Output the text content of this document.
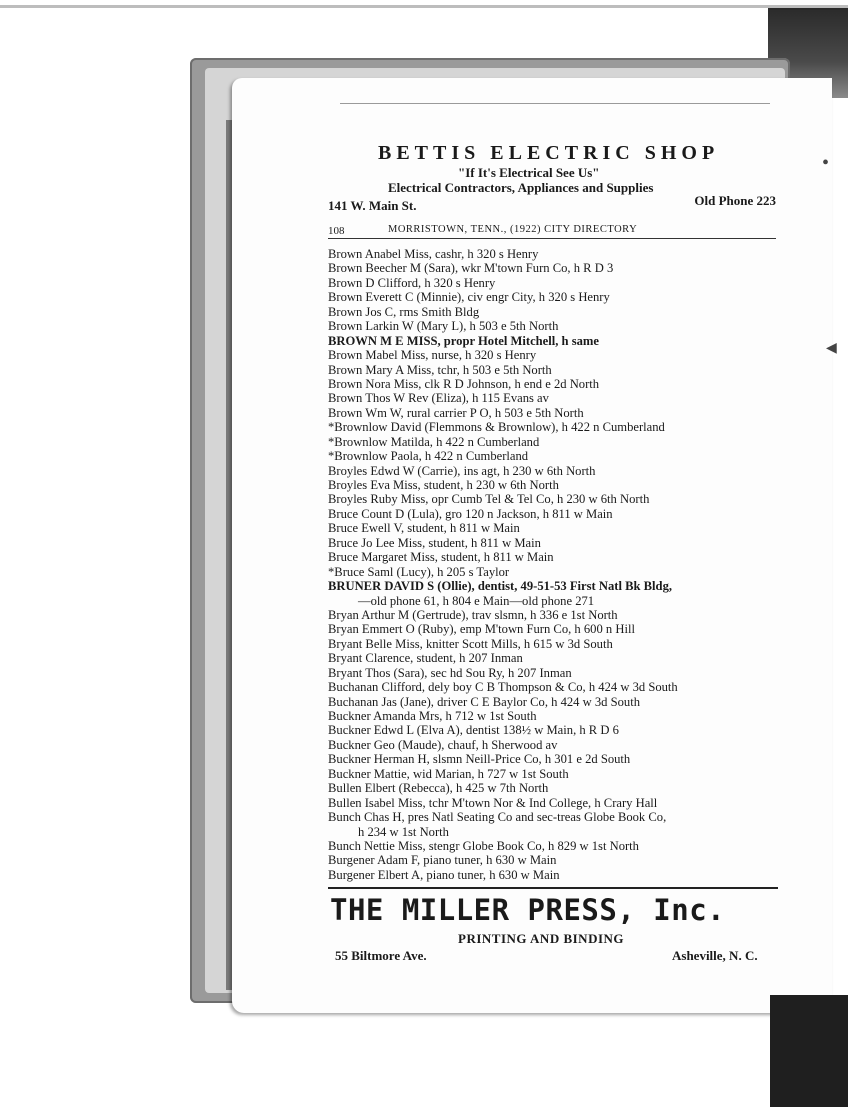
•
◀
BETTIS ELECTRIC SHOP
"If It's Electrical See Us"
Electrical Contractors, Appliances and Supplies
141 W. Main St.	Old Phone 223
108	MORRISTOWN, TENN., (1922) CITY DIRECTORY
Brown Anabel Miss, cashr, h 320 s Henry
Brown Beecher M (Sara), wkr M'town Furn Co, h R D 3
Brown D Clifford, h 320 s Henry
Brown Everett C (Minnie), civ engr City, h 320 s Henry
Brown Jos C, rms Smith Bldg
Brown Larkin W (Mary L), h 503 e 5th North
BROWN M E MISS, propr Hotel Mitchell, h same
Brown Mabel Miss, nurse, h 320 s Henry
Brown Mary A Miss, tchr, h 503 e 5th North
Brown Nora Miss, clk R D Johnson, h end e 2d North
Brown Thos W Rev (Eliza), h 115 Evans av
Brown Wm W, rural carrier P O, h 503 e 5th North
*Brownlow David (Flemmons & Brownlow), h 422 n Cumberland
*Brownlow Matilda, h 422 n Cumberland
*Brownlow Paola, h 422 n Cumberland
Broyles Edwd W (Carrie), ins agt, h 230 w 6th North
Broyles Eva Miss, student, h 230 w 6th North
Broyles Ruby Miss, opr Cumb Tel & Tel Co, h 230 w 6th North
Bruce Count D (Lula), gro 120 n Jackson, h 811 w Main
Bruce Ewell V, student, h 811 w Main
Bruce Jo Lee Miss, student, h 811 w Main
Bruce Margaret Miss, student, h 811 w Main
*Bruce Saml (Lucy), h 205 s Taylor
BRUNER DAVID S (Ollie), dentist, 49-51-53 First Natl Bk Bldg,
—old phone 61, h 804 e Main—old phone 271
Bryan Arthur M (Gertrude), trav slsmn, h 336 e 1st North
Bryan Emmert O (Ruby), emp M'town Furn Co, h 600 n Hill
Bryant Belle Miss, knitter Scott Mills, h 615 w 3d South
Bryant Clarence, student, h 207 Inman
Bryant Thos (Sara), sec hd Sou Ry, h 207 Inman
Buchanan Clifford, dely boy C B Thompson & Co, h 424 w 3d South
Buchanan Jas (Jane), driver C E Baylor Co, h 424 w 3d South
Buckner Amanda Mrs, h 712 w 1st South
Buckner Edwd L (Elva A), dentist 138½ w Main, h R D 6
Buckner Geo (Maude), chauf, h Sherwood av
Buckner Herman H, slsmn Neill-Price Co, h 301 e 2d South
Buckner Mattie, wid Marian, h 727 w 1st South
Bullen Elbert (Rebecca), h 425 w 7th North
Bullen Isabel Miss, tchr M'town Nor & Ind College, h Crary Hall
Bunch Chas H, pres Natl Seating Co and sec-treas Globe Book Co,
h 234 w 1st North
Bunch Nettie Miss, stengr Globe Book Co, h 829 w 1st North
Burgener Adam F, piano tuner, h 630 w Main
Burgener Elbert A, piano tuner, h 630 w Main
THE MILLER PRESS, Inc.
PRINTING AND BINDING
55 Biltmore Ave.	Asheville, N. C.
